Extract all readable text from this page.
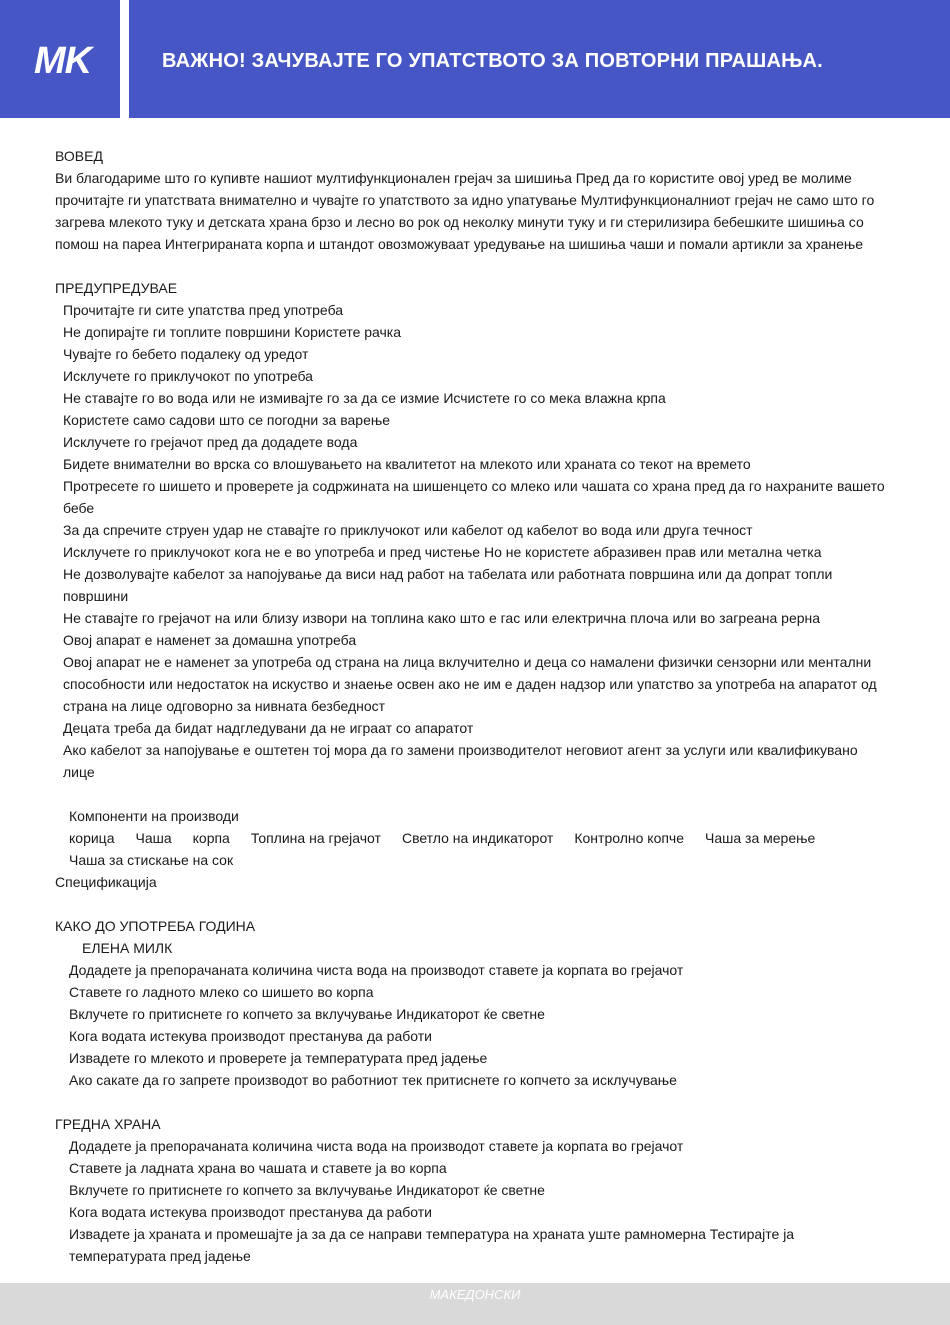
MK	ВАЖНО! ЗАЧУВАЈТЕ ГО УПАТСТВОТО ЗА ПОВТОРНИ ПРАШАЊА.
ВОВЕД
Ви благодариме што го купивте нашиот мултифункционален грејач за шишиња Пред да го користите овој уред ве молиме прочитајте ги упатствата внимателно и чувајте го упатството за идно упатување Мултифункционалниот грејач не само што го загрева млекото туку и детската храна брзо и лесно во рок од неколку минути туку и ги стерилизира бебешките шишиња со помош на пареа Интегрираната корпа и штандот овозможуваат уредување на шишиња чаши и помали артикли за хранење
ПРЕДУПРЕДУВАЕ
Прочитајте ги сите упатства пред употреба
Не допирајте ги топлите површини Користете рачка
Чувајте го бебето подалеку од уредот
Исклучете го приклучокот по употреба
Не ставајте го во вода или не измивајте го за да се измие Исчистете го со мека влажна крпа
Користете само садови што се погодни за варење
Исклучете го грејачот пред да додадете вода
Бидете внимателни во врска со влошувањето на квалитетот на млекото или храната со текот на времето
Протресете го шишето и проверете ја содржината на шишенцето со млеко или чашата со храна пред да го нахраните вашето бебе
За да спречите струен удар не ставајте го приклучокот или кабелот од кабелот во вода или друга течност
Исклучете го приклучокот кога не е во употреба и пред чистење Но не користете абразивен прав или метална четка
Не дозволувајте кабелот за напојување да виси над работ на табелата или работната површина или да допрат топли површини
Не ставајте го грејачот на или близу извори на топлина како што е гас или електрична плоча или во загреана рерна
Овој апарат е наменет за домашна употреба
Овој апарат не е наменет за употреба од страна на лица вклучително и деца со намалени физички сензорни или ментални способности или недостаток на искуство и знаење освен ако не им е даден надзор или упатство за употреба на апаратот од страна на лице одговорно за нивната безбедност
Децата треба да бидат надгледувани да не играат со апаратот
Ако кабелот за напојување е оштетен тој мора да го замени производителот неговиот агент за услуги или квалификувано лице
Компоненти на производи
корица Чаша корпа Топлина на грејачот Светло на индикаторот Контролно копче Чаша за мерење
Чаша за стискање на сок
Спецификација
КАКО ДО УПОТРЕБА ГОДИНА
ЕЛЕНА МИЛК
Додадете ја препорачаната количина чиста вода на производот ставете ја корпата во грејачот
Ставете го ладното млеко со шишето во корпа
Вклучете го притиснете го копчето за вклучување Индикаторот ќе светне
Кога водата истекува производот престанува да работи
Извадете го млекото и проверете ја температурата пред јадење
Ако сакате да го запрете производот во работниот тек притиснете го копчето за исклучување
ГРЕДНА ХРАНА
Додадете ја препорачаната количина чиста вода на производот ставете ја корпата во грејачот
Ставете ја ладната храна во чашата и ставете ја во корпа
Вклучете го притиснете го копчето за вклучување Индикаторот ќе светне
Кога водата истекува производот престанува да работи
Извадете ја храната и промешајте ја за да се направи температура на храната уште рамномерна Тестирајте ја температурата пред јадење
МАКЕДОНСКИ
